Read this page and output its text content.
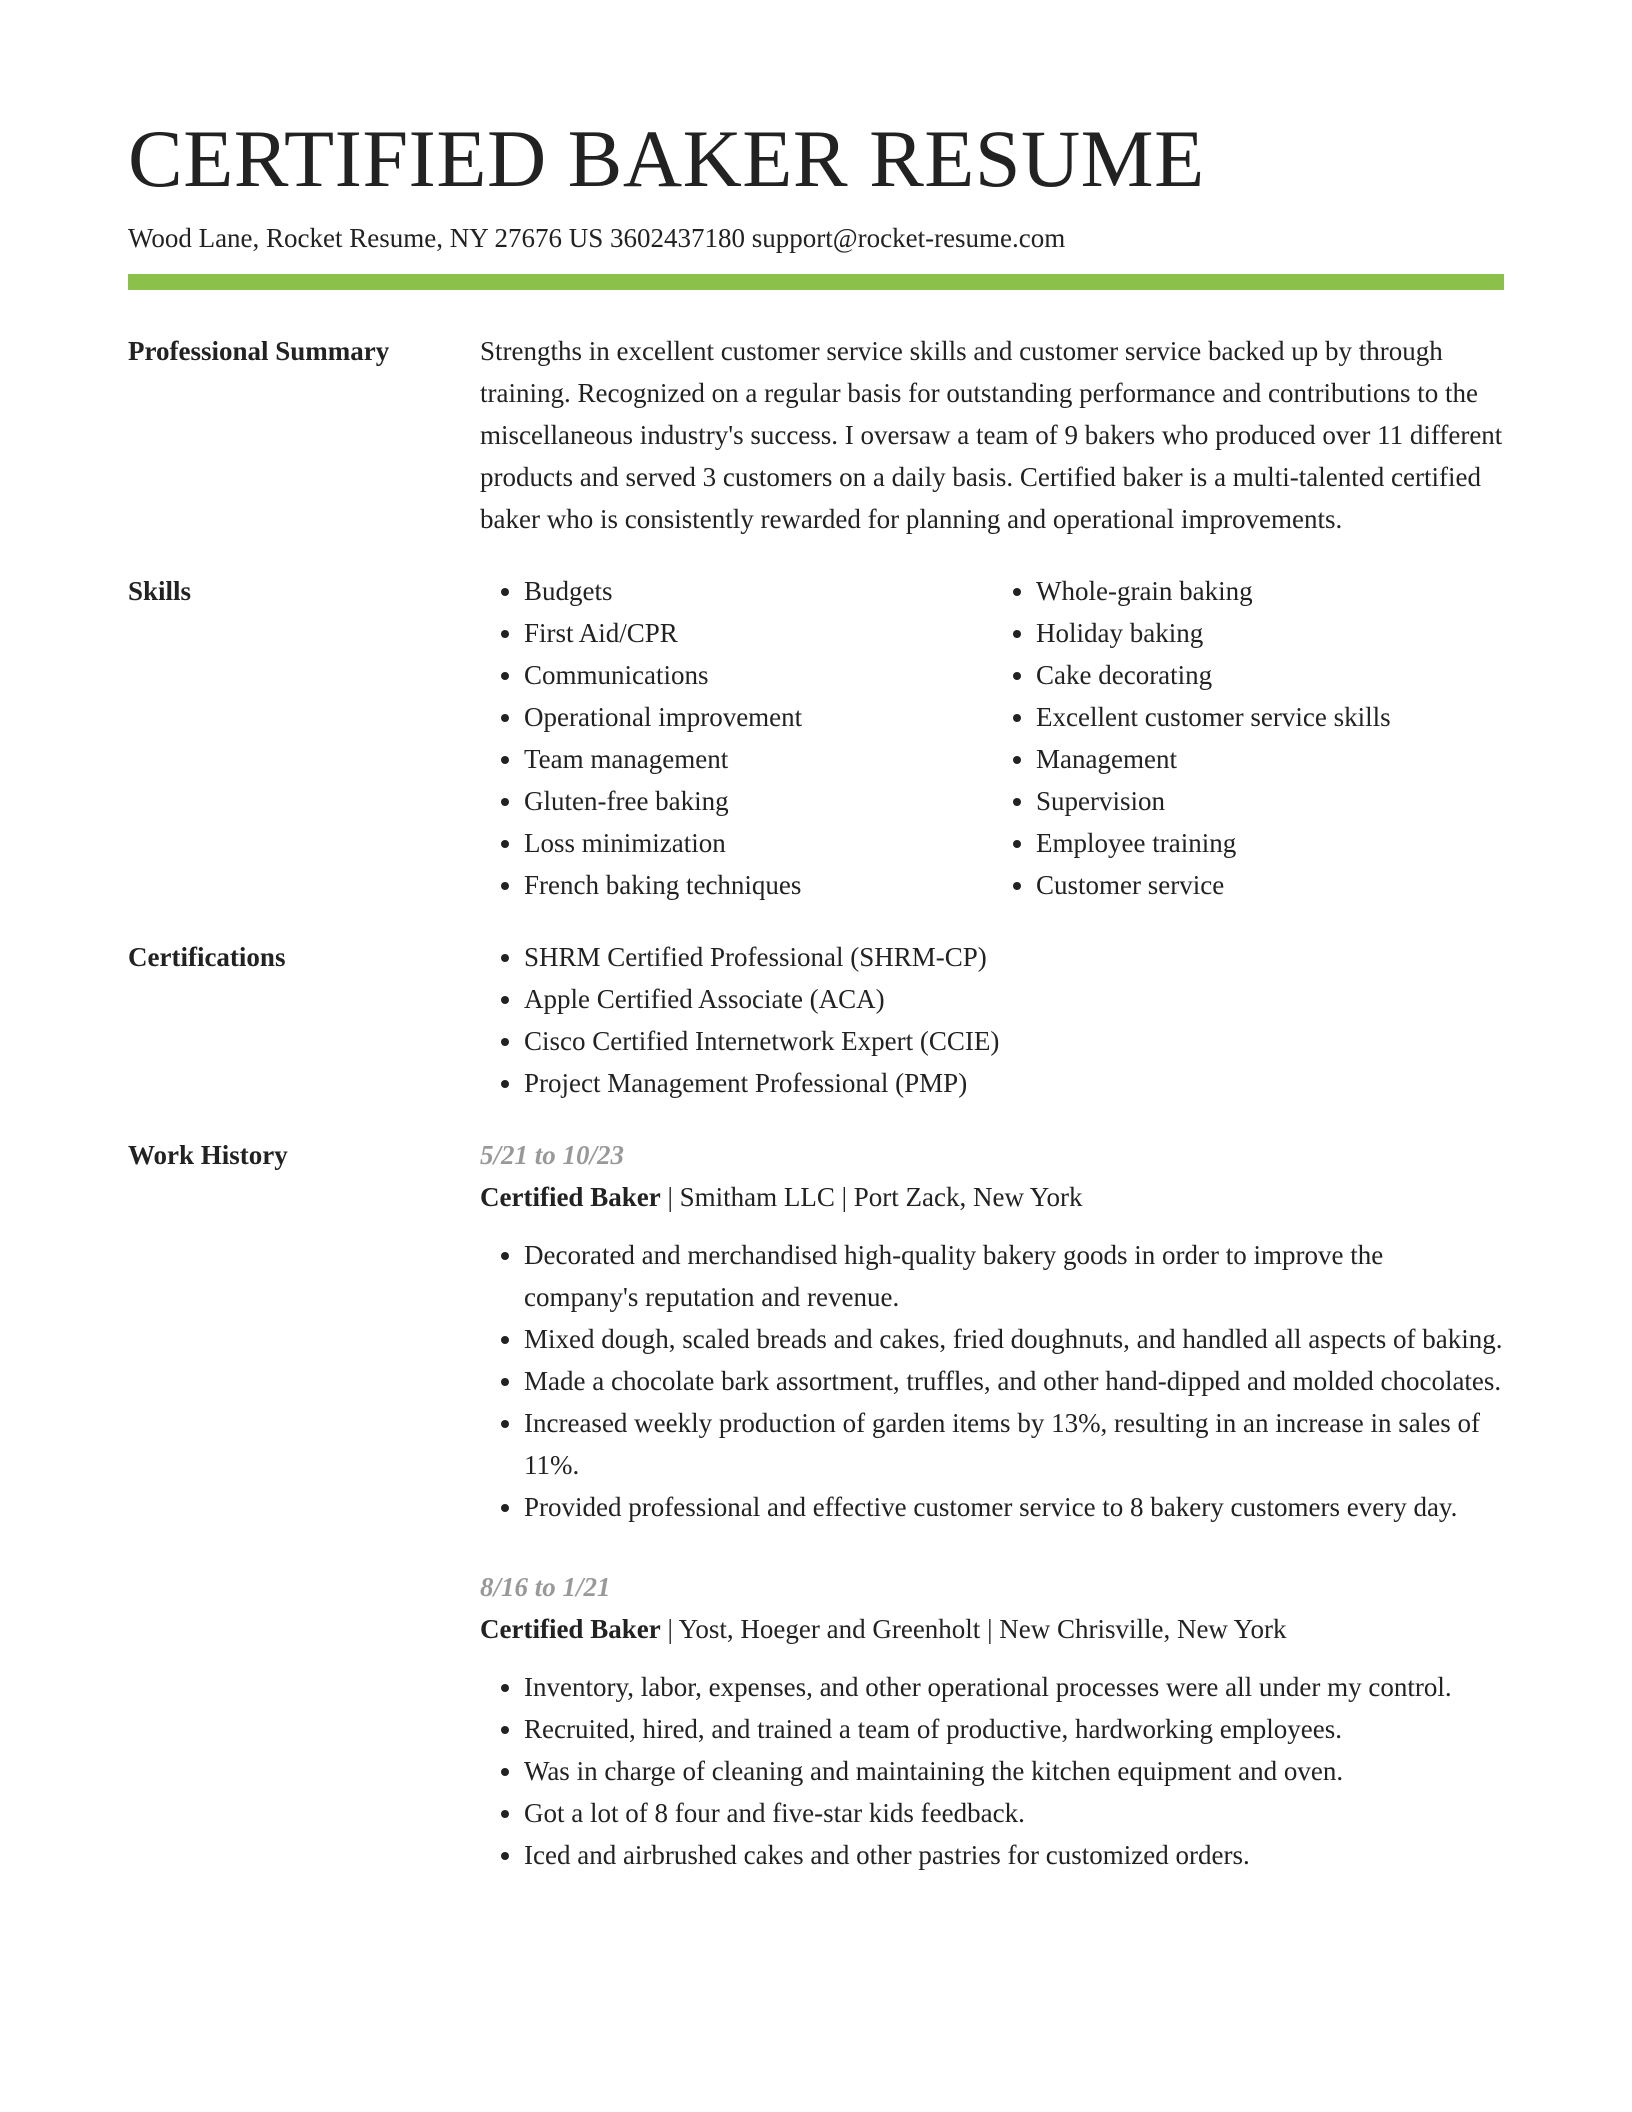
CERTIFIED BAKER RESUME
Wood Lane, Rocket Resume, NY 27676 US 3602437180 support@rocket-resume.com
Professional Summary	Strengths in excellent customer service skills and customer service backed up by through training. Recognized on a regular basis for outstanding performance and contributions to the miscellaneous industry's success. I oversaw a team of 9 bakers who produced over 11 different products and served 3 customers on a daily basis. Certified baker is a multi-talented certified baker who is consistently rewarded for planning and operational improvements.

Skills	• Budgets
• First Aid/CPR
• Communications
• Operational improvement
• Team management
• Gluten-free baking
• Loss minimization
• French baking techniques
• Whole-grain baking
• Holiday baking
• Cake decorating
• Excellent customer service skills
• Management
• Supervision
• Employee training
• Customer service
Certifications	• SHRM Certified Professional (SHRM-CP)
• Apple Certified Associate (ACA)
• Cisco Certified Internetwork Expert (CCIE)
• Project Management Professional (PMP)
Work History	5/21 to 10/23
Certified Baker | Smitham LLC | Port Zack, New York
• Decorated and merchandised high-quality bakery goods in order to improve the company's reputation and revenue.
• Mixed dough, scaled breads and cakes, fried doughnuts, and handled all aspects of baking.
• Made a chocolate bark assortment, truffles, and other hand-dipped and molded chocolates.
• Increased weekly production of garden items by 13%, resulting in an increase in sales of 11%.
• Provided professional and effective customer service to 8 bakery customers every day.
8/16 to 1/21
Certified Baker | Yost, Hoeger and Greenholt | New Chrisville, New York
• Inventory, labor, expenses, and other operational processes were all under my control.
• Recruited, hired, and trained a team of productive, hardworking employees.
• Was in charge of cleaning and maintaining the kitchen equipment and oven.
• Got a lot of 8 four and five-star kids feedback.
• Iced and airbrushed cakes and other pastries for customized orders.
